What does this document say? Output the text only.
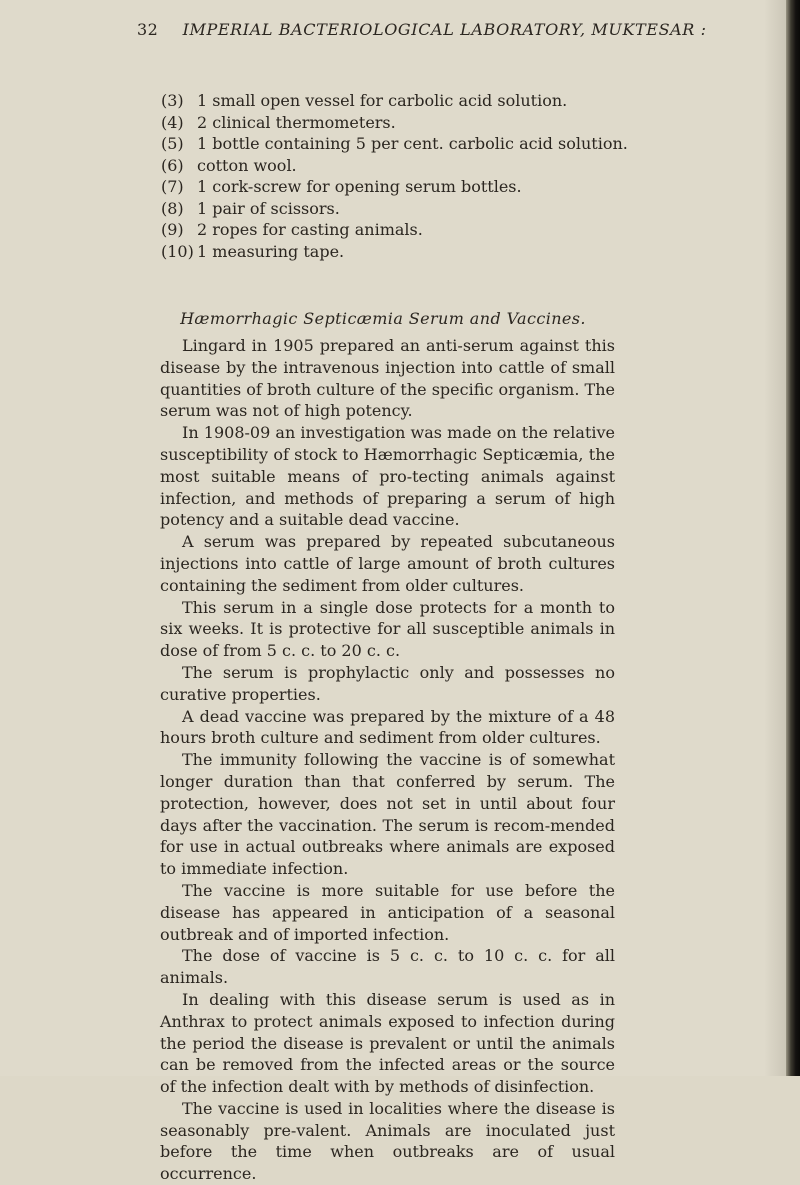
32 IMPERIAL BACTERIOLOGICAL LABORATORY, MUKTESAR :
(3) 1 small open vessel for carbolic acid solution.
(4) 2 clinical thermometers.
(5) 1 bottle containing 5 per cent. carbolic acid solution.
(6) cotton wool.
(7) 1 cork-screw for opening serum bottles.
(8) 1 pair of scissors.
(9) 2 ropes for casting animals.
(10) 1 measuring tape.
Hæmorrhagic Septicæmia Serum and Vaccines.

Lingard in 1905 prepared an anti-serum against this disease by the intravenous injection into cattle of small quantities of broth culture of the specific organism. The serum was not of high potency.

In 1908-09 an investigation was made on the relative susceptibility of stock to Hæmorrhagic Septicæmia, the most suitable means of pro-tecting animals against infection, and methods of preparing a serum of high potency and a suitable dead vaccine.

A serum was prepared by repeated subcutaneous injections into cattle of large amount of broth cultures containing the sediment from older cultures.

This serum in a single dose protects for a month to six weeks. It is protective for all susceptible animals in dose of from 5 c. c. to 20 c. c.

The serum is prophylactic only and possesses no curative properties.

A dead vaccine was prepared by the mixture of a 48 hours broth culture and sediment from older cultures.

The immunity following the vaccine is of somewhat longer duration than that conferred by serum. The protection, however, does not set in until about four days after the vaccination. The serum is recom-mended for use in actual outbreaks where animals are exposed to immediate infection.

The vaccine is more suitable for use before the disease has appeared in anticipation of a seasonal outbreak and of imported infection.

The dose of vaccine is 5 c. c. to 10 c. c. for all animals.

In dealing with this disease serum is used as in Anthrax to protect animals exposed to infection during the period the disease is prevalent or until the animals can be removed from the infected areas or the source of the infection dealt with by methods of disinfection.

The vaccine is used in localities where the disease is seasonably pre-valent. Animals are inoculated just before the time when outbreaks are of usual occurrence.
